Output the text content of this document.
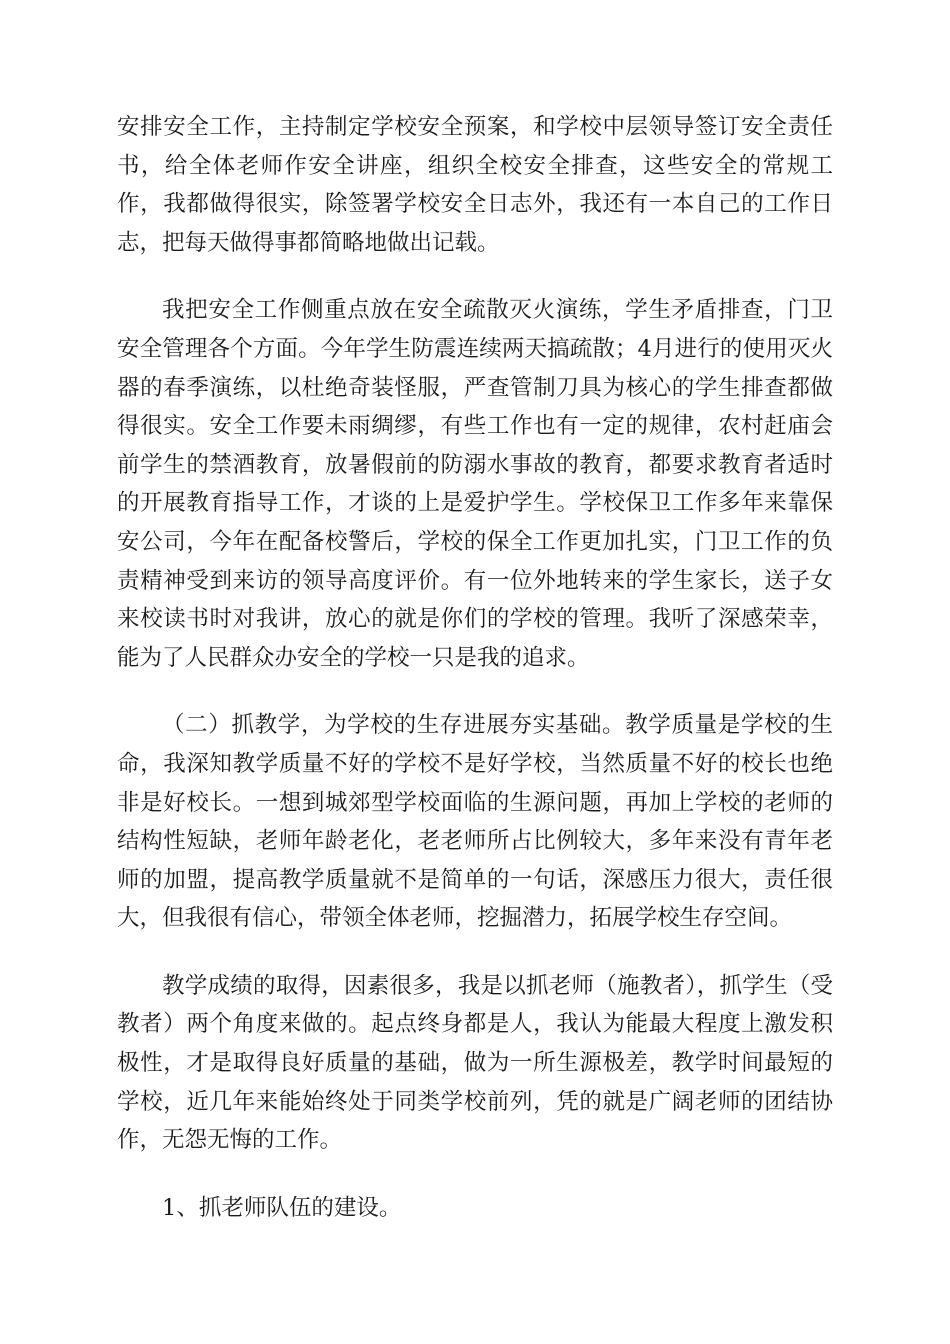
安排安全工作，主持制定学校安全预案，和学校中层领导签订安全责任书，给全体老师作安全讲座，组织全校安全排查，这些安全的常规工作，我都做得很实，除签署学校安全日志外，我还有一本自己的工作日志，把每天做得事都简略地做出记载。

我把安全工作侧重点放在安全疏散灭火演练，学生矛盾排查，门卫安全管理各个方面。今年学生防震连续两天搞疏散；4月进行的使用灭火器的春季演练，以杜绝奇装怪服，严查管制刀具为核心的学生排查都做得很实。安全工作要未雨绸缪，有些工作也有一定的规律，农村赶庙会前学生的禁酒教育，放暑假前的防溺水事故的教育，都要求教育者适时的开展教育指导工作，才谈的上是爱护学生。学校保卫工作多年来靠保安公司，今年在配备校警后，学校的保全工作更加扎实，门卫工作的负责精神受到来访的领导高度评价。有一位外地转来的学生家长，送子女来校读书时对我讲，放心的就是你们的学校的管理。我听了深感荣幸，能为了人民群众办安全的学校一只是我的追求。

（二）抓教学，为学校的生存进展夯实基础。教学质量是学校的生命，我深知教学质量不好的学校不是好学校，当然质量不好的校长也绝非是好校长。一想到城郊型学校面临的生源问题，再加上学校的老师的结构性短缺，老师年龄老化，老老师所占比例较大，多年来没有青年老师的加盟，提高教学质量就不是简单的一句话，深感压力很大，责任很大，但我很有信心，带领全体老师，挖掘潜力，拓展学校生存空间。

教学成绩的取得，因素很多，我是以抓老师（施教者），抓学生（受教者）两个角度来做的。起点终身都是人，我认为能最大程度上激发积极性，才是取得良好质量的基础，做为一所生源极差，教学时间最短的学校，近几年来能始终处于同类学校前列，凭的就是广阔老师的团结协作，无怨无悔的工作。

1、抓老师队伍的建设。
